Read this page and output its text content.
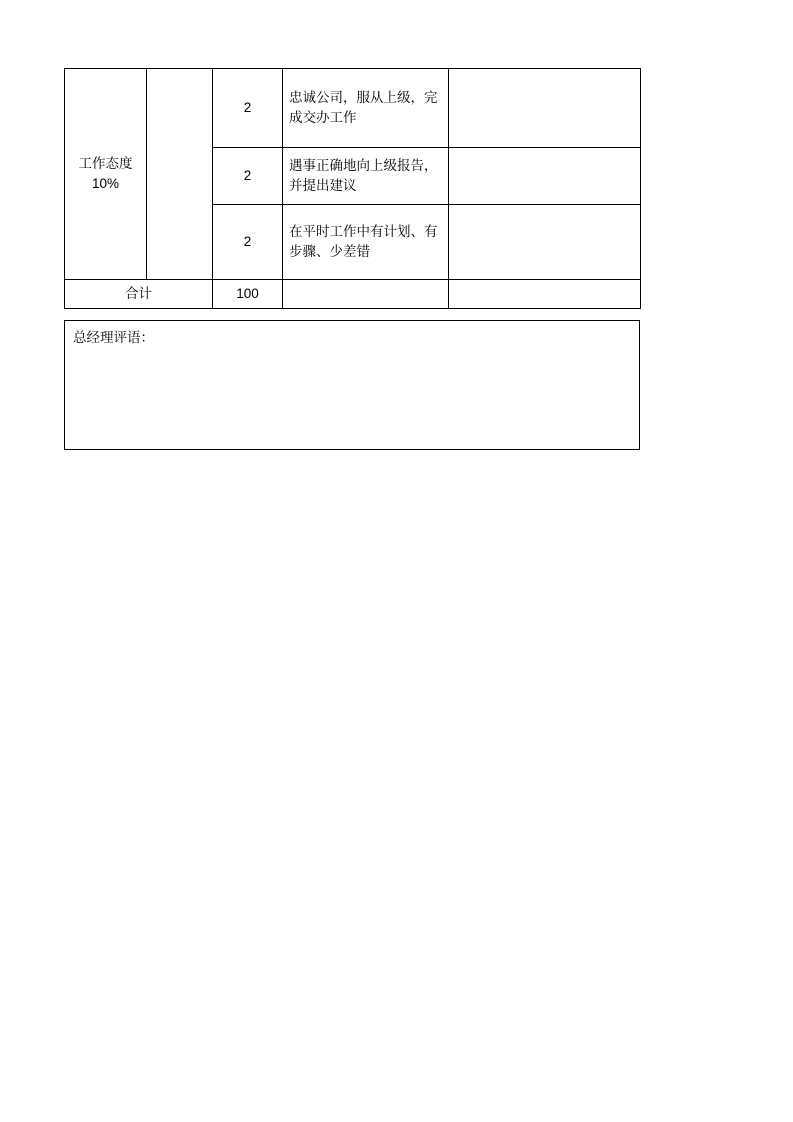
工作态度
10%		2	忠诚公司，服从上级，完成交办工作	
		2	遇事正确地向上级报告，并提出建议	
		2	在平时工作中有计划、有步骤、少差错	
合计		100		
总经理评语：
